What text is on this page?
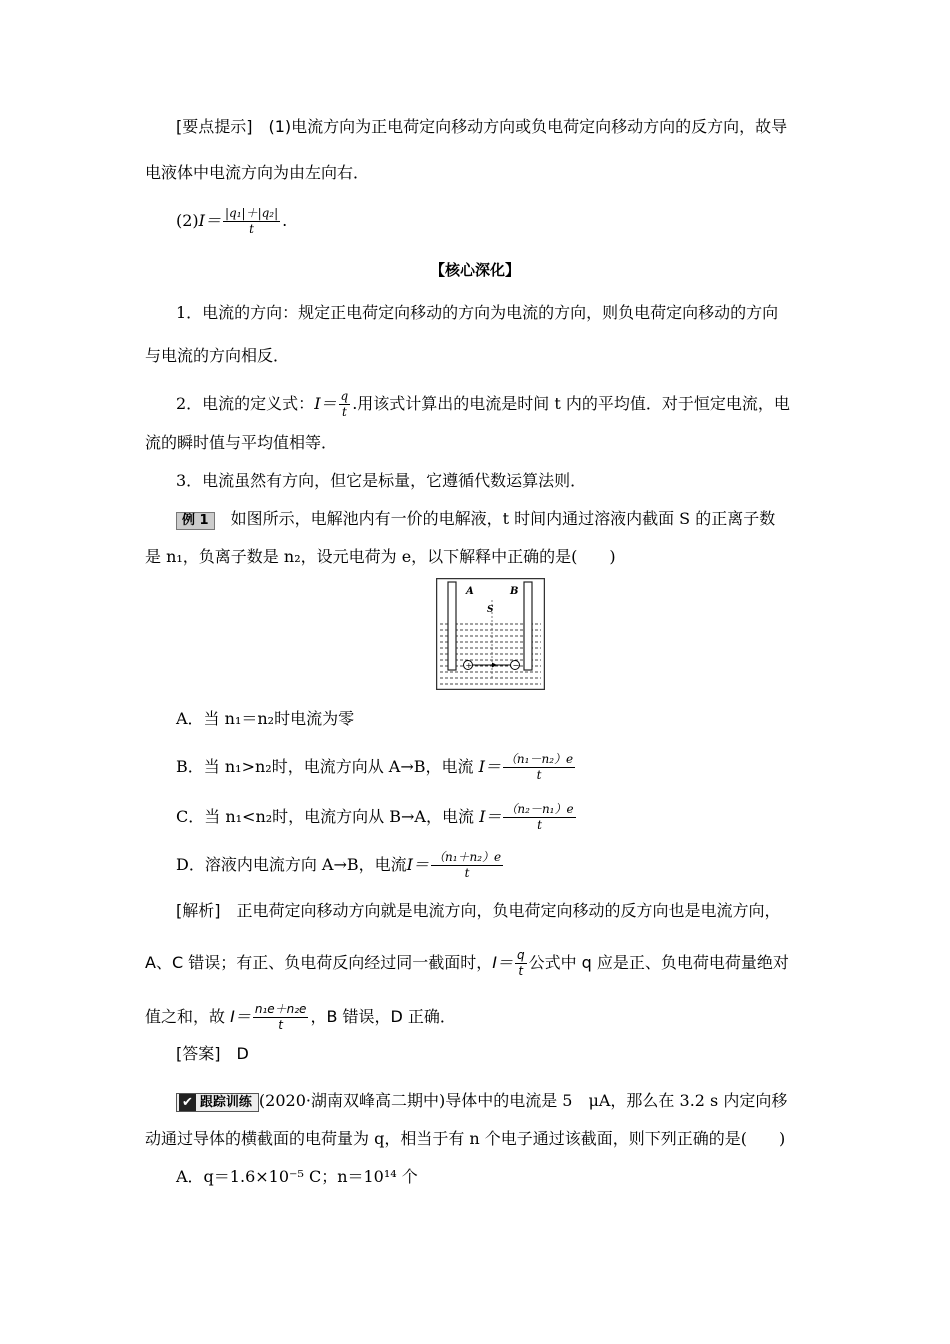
[要点提示]　(1)电流方向为正电荷定向移动方向或负电荷定向移动方向的反方向，故导
电液体中电流方向为由左向右．
$(2)I= \frac{\text{|q₁|＋|q₂|}}{t}$ .
【核心深化】
1．电流的方向：规定正电荷定向移动的方向为电流的方向，则负电荷定向移动的方向
与电流的方向相反．
2．电流的定义式：$I= \frac{q}{t}$ .用该式计算出的电流是时间 t 内的平均值．对于恒定电流，电
流的瞬时值与平均值相等．
3．电流虽然有方向，但它是标量，它遵循代数运算法则．
例 1　如图所示，电解池内有一价的电解液，t 时间内通过溶液内截面 S 的正离子数
是 n₁，负离子数是 n₂，设元电荷为 e，以下解释中正确的是(　　)
A	B
S
+	−
A．当 n₁＝n₂时电流为零
B．当 n₁>n₂时，电流方向从 A→B，电流 $I= \frac{\text{（n₁－n₂）e}}{t}$
C．当 n₁<n₂时，电流方向从 B→A，电流 $I= \frac{\text{（n₂－n₁）e}}{t}$
D．溶液内电流方向 A→B，电流$I= \frac{\text{（n₁＋n₂）e}}{t}$
[解析]　正电荷定向移动方向就是电流方向，负电荷定向移动的反方向也是电流方向，
A、C 错误；有正、负电荷反向经过同一截面时，$I= \frac{q}{t}$ 公式中 q 应是正、负电荷电荷量绝对
值之和，故 $I= \frac{\text{n₁e＋n₂e}}{t}$ ，B 错误，D 正确．
[答案]　D
✔ 跟踪训练 (2020·湖南双峰高二期中)导体中的电流是 5　μA，那么在 3.2 s 内定向移
动通过导体的横截面的电荷量为 q，相当于有 n 个电子通过该截面，则下列正确的是(　　)
A．q＝1.6×10⁻⁵ C；n＝10¹⁴ 个
